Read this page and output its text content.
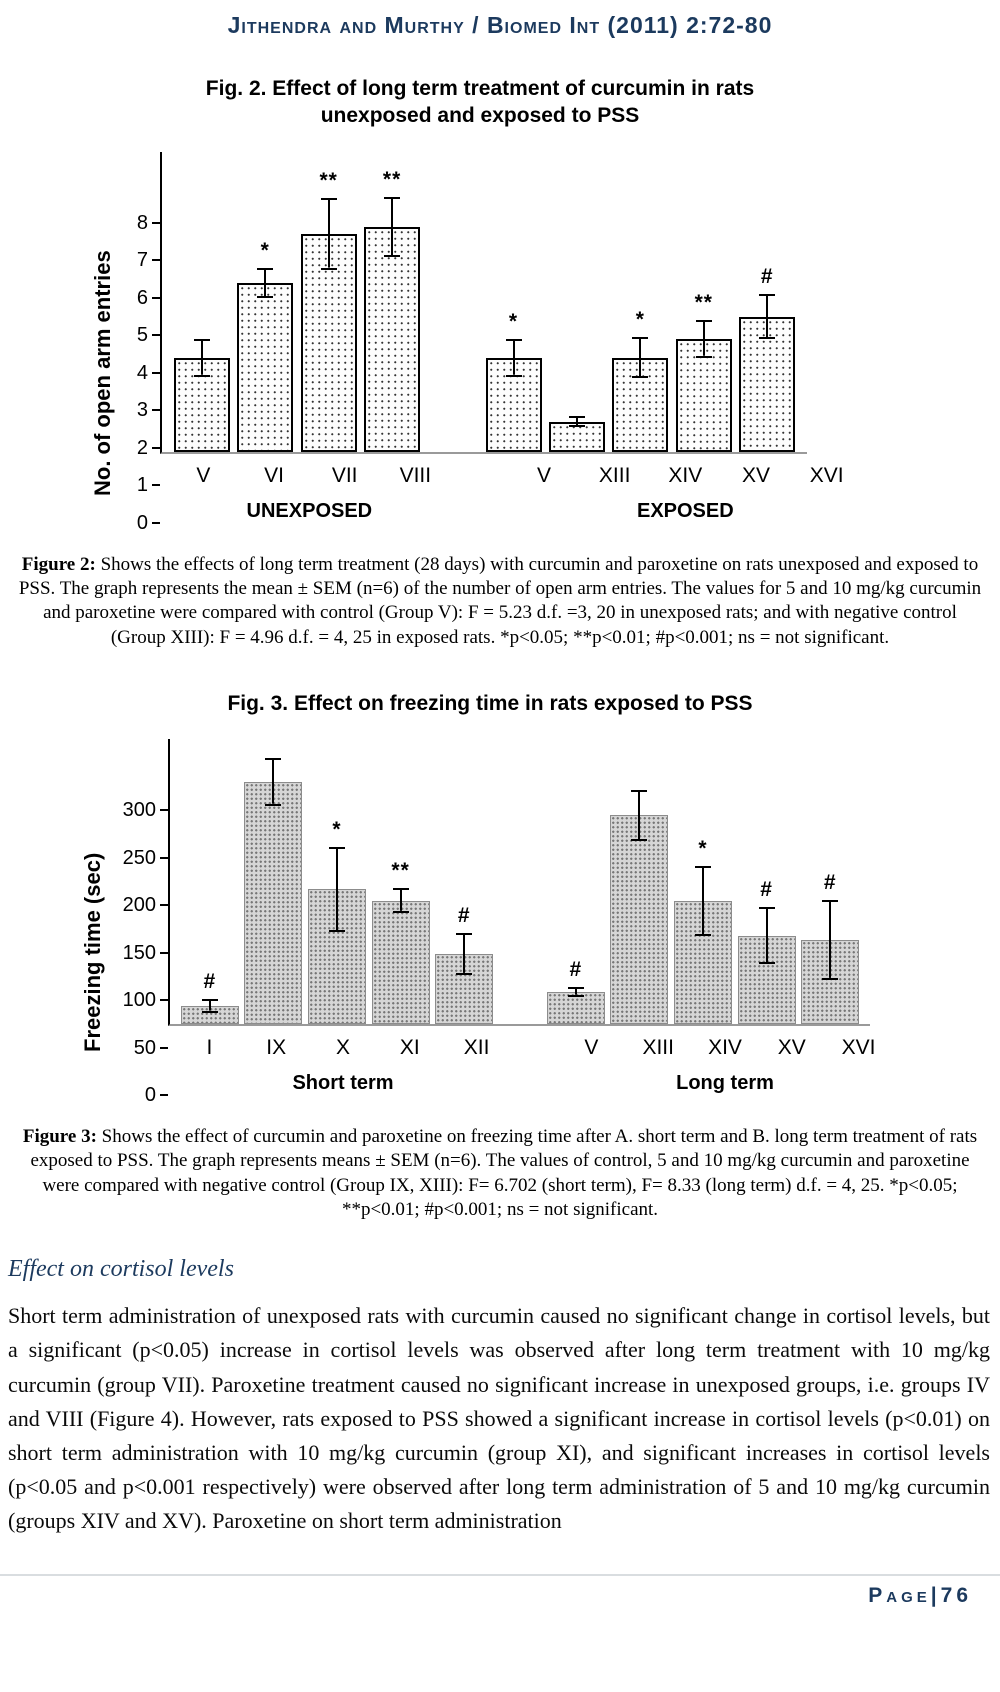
Jithendra and Murthy / Biomed Int (2011) 2:72-80
Fig. 2. Effect of long term treatment of curcumin in rats unexposed and exposed to PSS
No. of open arm entries
0
1
2
3
4
5
6
7
8
*
** **
*	*
**
#
V	VI	VII	VIII	V	XIII	XIV	XV	XVI
UNEXPOSED	EXPOSED
Figure 2: Shows the effects of long term treatment (28 days) with curcumin and paroxetine on rats unexposed and exposed to PSS. The graph represents the mean ± SEM (n=6) of the number of open arm entries. The values for 5 and 10 mg/kg curcumin and paroxetine were compared with control (Group V): F = 5.23 d.f. =3, 20 in unexposed rats; and with negative control (Group XIII): F = 4.96 d.f. = 4, 25 in exposed rats. *p<0.05; **p<0.01; #p<0.001; ns = not significant.
Fig. 3. Effect on freezing time in rats exposed to PSS
Freezing time (sec)
0
50
100
150
200
250
300
#
*
**
#
#
*
# #
I	IX	X	XI	XII	V	XIII	XIV	XV	XVI
Short term	Long term
Figure 3: Shows the effect of curcumin and paroxetine on freezing time after A. short term and B. long term treatment of rats exposed to PSS. The graph represents means ± SEM (n=6). The values of control, 5 and 10 mg/kg curcumin and paroxetine were compared with negative control (Group IX, XIII): F= 6.702 (short term), F= 8.33 (long term) d.f. = 4, 25. *p<0.05; **p<0.01; #p<0.001; ns = not significant.
Effect on cortisol levels
Short term administration of unexposed rats with curcumin caused no significant change in cortisol levels, but a significant (p<0.05) increase in cortisol levels was observed after long term treatment with 10 mg/kg curcumin (group VII). Paroxetine treatment caused no significant increase in unexposed groups, i.e. groups IV and VIII (Figure 4). However, rats exposed to PSS showed a significant increase in cortisol levels (p<0.01) on short term administration with 10 mg/kg curcumin (group XI), and significant increases in cortisol levels (p<0.05 and p<0.001 respectively) were observed after long term administration of 5 and 10 mg/kg curcumin (groups XIV and XV). Paroxetine on short term administration
Page|76
